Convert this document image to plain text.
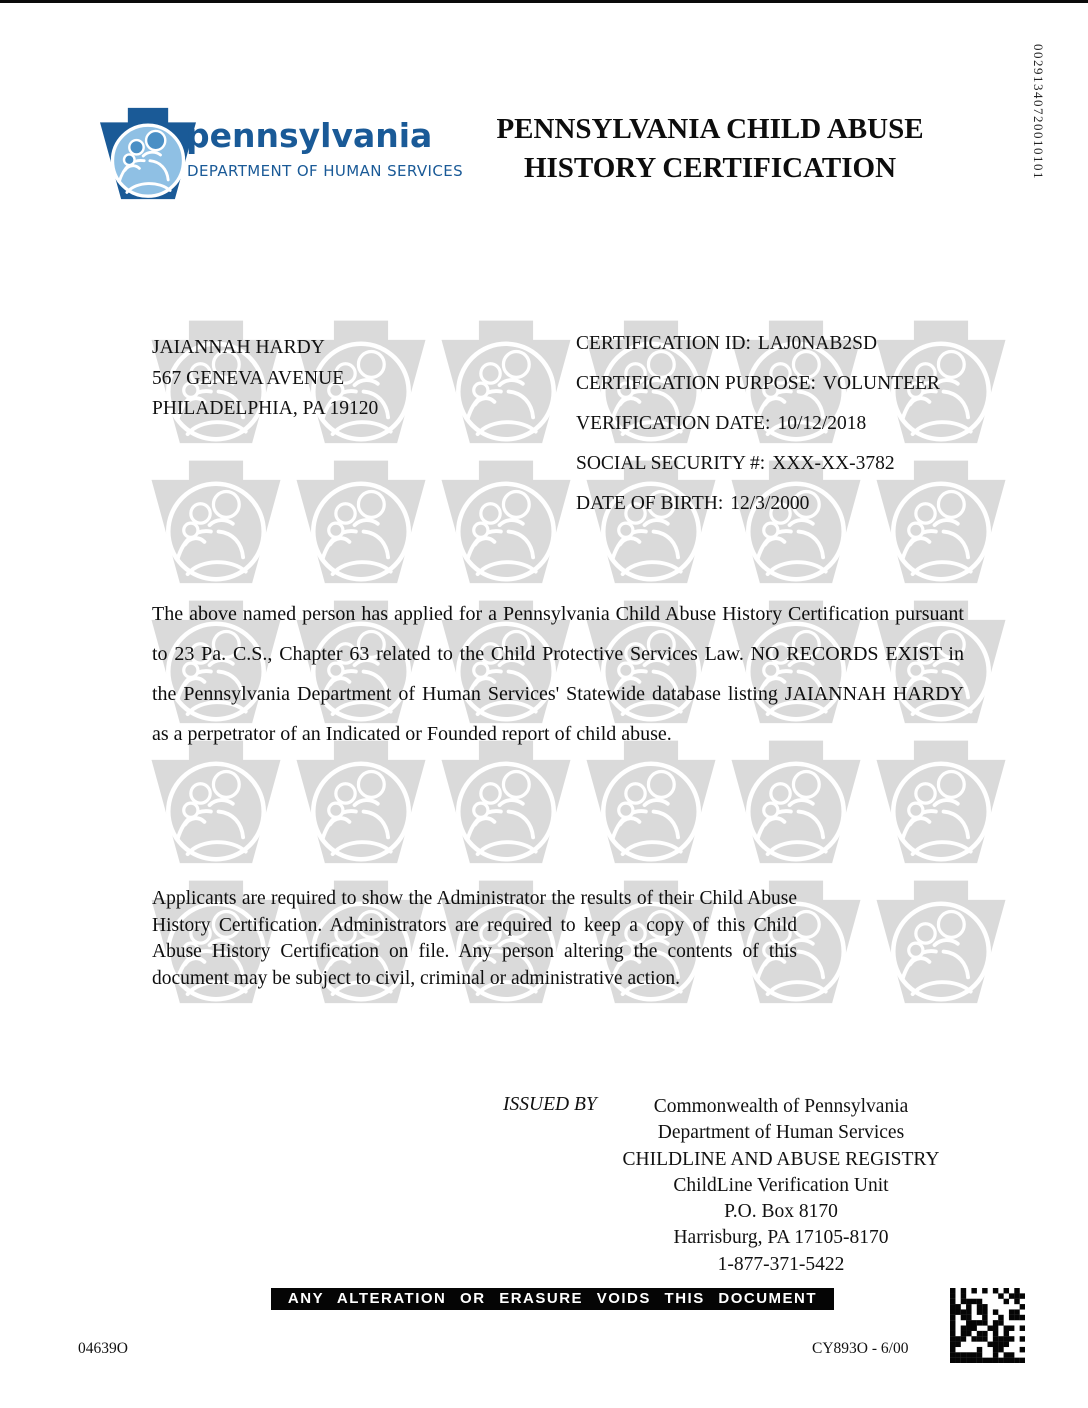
pennsylvania
DEPARTMENT OF HUMAN SERVICES
PENNSYLVANIA CHILD ABUSE
HISTORY CERTIFICATION	00291340720010101
JAIANNAH HARDY
567 GENEVA AVENUE
PHILADELPHIA, PA 19120
CERTIFICATION ID: LAJ0NAB2SD
CERTIFICATION PURPOSE: VOLUNTEER
VERIFICATION DATE: 10/12/2018
SOCIAL SECURITY #: XXX-XX-3782
DATE OF BIRTH: 12/3/2000

The above named person has applied for a Pennsylvania Child Abuse History Certification pursuant to 23 Pa. C.S., Chapter 63 related to the Child Protective Services Law. NO RECORDS EXIST in the Pennsylvania Department of Human Services' Statewide database listing JAIANNAH HARDY as a perpetrator of an Indicated or Founded report of child abuse.

Applicants are required to show the Administrator the results of their Child Abuse History Certification. Administrators are required to keep a copy of this Child Abuse History Certification on file. Any person altering the contents of this document may be subject to civil, criminal or administrative action.

ISSUED BY	Commonwealth of Pennsylvania
Department of Human Services
CHILDLINE AND ABUSE REGISTRY
ChildLine Verification Unit
P.O. Box 8170
Harrisburg, PA 17105-8170
1-877-371-5422
ANY ALTERATION OR ERASURE VOIDS THIS DOCUMENT
04639O	CY893O - 6/00
